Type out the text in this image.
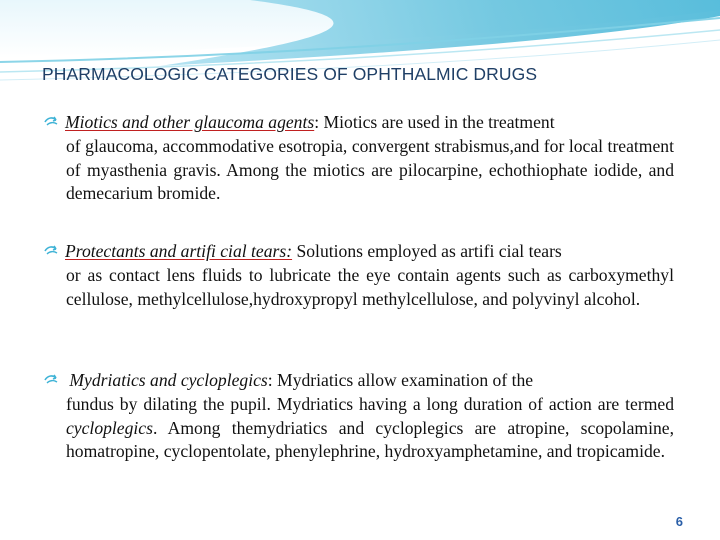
PHARMACOLOGIC CATEGORIES OF OPHTHALMIC DRUGS
Miotics and other glaucoma agents: Miotics are used in the treatment
of glaucoma, accommodative esotropia, convergent strabismus,and for local treatment of myasthenia gravis. Among the miotics are pilocarpine, echothiophate iodide, and demecarium bromide.
Protectants and artifi cial tears: Solutions employed as artifi cial tears
or as contact lens fluids to lubricate the eye contain agents such as carboxymethyl cellulose, methylcellulose,hydroxypropyl methylcellulose, and polyvinyl alcohol.
Mydriatics and cycloplegics: Mydriatics allow examination of the
fundus by dilating the pupil. Mydriatics having a long duration of action are termed cycloplegics. Among themydriatics and cycloplegics are atropine, scopolamine, homatropine, cyclopentolate, phenylephrine, hydroxyamphetamine, and tropicamide.
6
